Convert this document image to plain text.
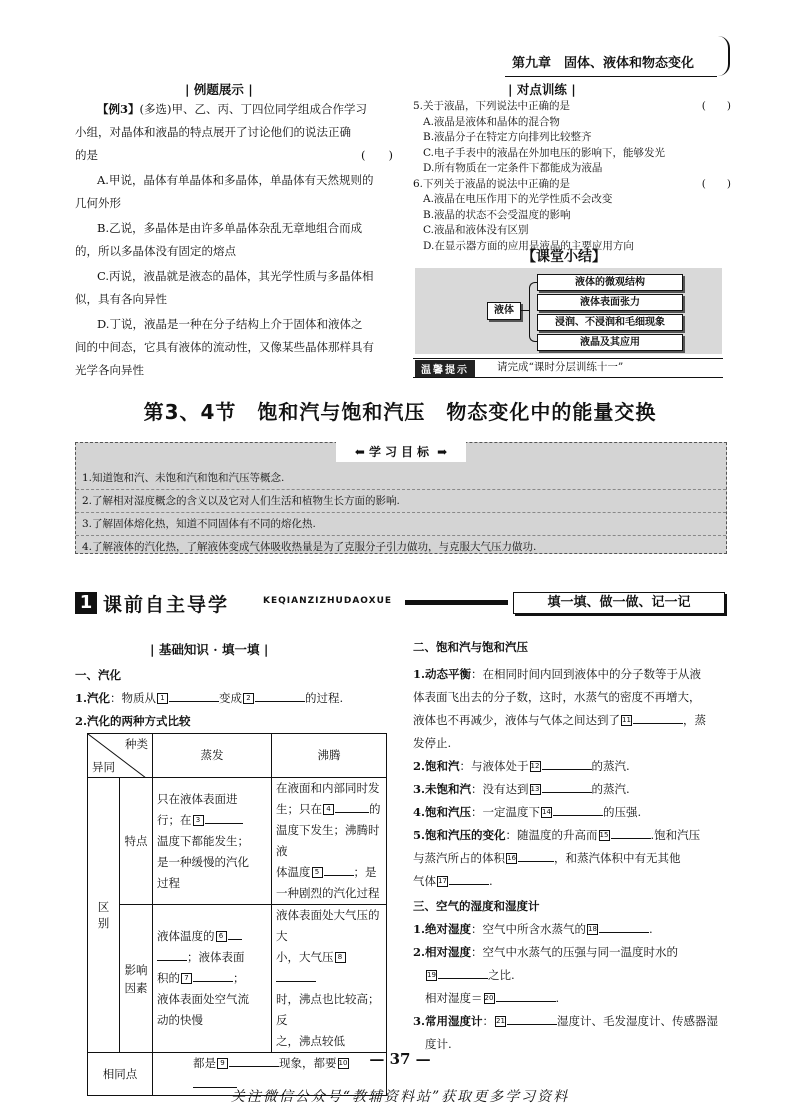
第九章　固体、液体和物态变化
| 例题展示 |

【例3】(多选)甲、乙、丙、丁四位同学组成合作学习

小组，对晶体和液晶的特点展开了讨论他们的说法正确

的是	(　　)

A.甲说，晶体有单晶体和多晶体，单晶体有天然规则的

几何外形

B.乙说，多晶体是由许多单晶体杂乱无章地组合而成

的，所以多晶体没有固定的熔点

C.丙说，液晶就是液态的晶体，其光学性质与多晶体相

似，具有各向异性

D.丁说，液晶是一种在分子结构上介于固体和液体之

间的中间态，它具有液体的流动性，又像某些晶体那样具有

光学各向异性

| 对点训练 |
5.关于液晶，下列说法中正确的是	(　　)
A.液晶是液体和晶体的混合物
B.液晶分子在特定方向排列比较整齐
C.电子手表中的液晶在外加电压的影响下，能够发光
D.所有物质在一定条件下都能成为液晶
6.下列关于液晶的说法中正确的是	(　　)
A.液晶在电压作用下的光学性质不会改变
B.液晶的状态不会受温度的影响
C.液晶和液体没有区别
D.在显示器方面的应用是液晶的主要应用方向
【课堂小结】
液体
液体的微观结构
液体表面张力
浸润、不浸润和毛细现象
液晶及其应用
温馨提示	请完成“课时分层训练十一”
第3、4节　饱和汽与饱和汽压　物态变化中的能量交换
⬅ 学习目标 ➡
1.知道饱和汽、未饱和汽和饱和汽压等概念.
2.了解相对湿度概念的含义以及它对人们生活和植物生长方面的影响.
3.了解固体熔化热，知道不同固体有不同的熔化热.
4.了解液体的汽化热，了解液体变成气体吸收热量是为了克服分子引力做功，与克服大气压力做功.
1 课前自主导学	KEQIANZIZHUDAOXUE	填一填、做一做、记一记
| 基础知识 · 填一填 |

一、汽化

1.汽化：物质从 1	变成 2	的过程.

2.汽化的两种方式比较

种类
异同		蒸发	沸腾
区　别	特点	只在液体表面进
行；在 3
温度下都能发生；
是一种缓慢的汽化
过程	在液面和内部同时发
生；只在 4 的
温度下发生；沸腾时液
体温度 5 ；是
一种剧烈的汽化过程
	影响因素	液体温度的 6
；液体表面
积的 7 ；
液体表面处空气流
动的快慢	液体表面处大气压的大
小，大气压 8
时，沸点也比较高；反
之，沸点较低
相同点		都是 9 现象，都要 10	

二、饱和汽与饱和汽压

1.动态平衡：在相同时间内回到液体中的分子数等于从液

体表面飞出去的分子数，这时，水蒸气的密度不再增大，

液体也不再减少，液体与气体之间达到了 11	，蒸

发停止.

2.饱和汽：与液体处于 12	的蒸汽.

3.未饱和汽：没有达到 13	的蒸汽.

4.饱和汽压：一定温度下 14	的压强.

5.饱和汽压的变化：随温度的升高而 15	.饱和汽压

与蒸汽所占的体积 16	，和蒸汽体积中有无其他

气体 17	.

三、空气的湿度和湿度计

1.绝对湿度：空气中所含水蒸气的 18	.

2.相对湿度：空气中水蒸气的压强与同一温度时水的

19	之比.

相对湿度＝ 20	.

3.常用湿度计： 21	湿度计、毛发湿度计、传感器湿

度计.

— 37 —
关注微信公众号“教辅资料站”获取更多学习资料
